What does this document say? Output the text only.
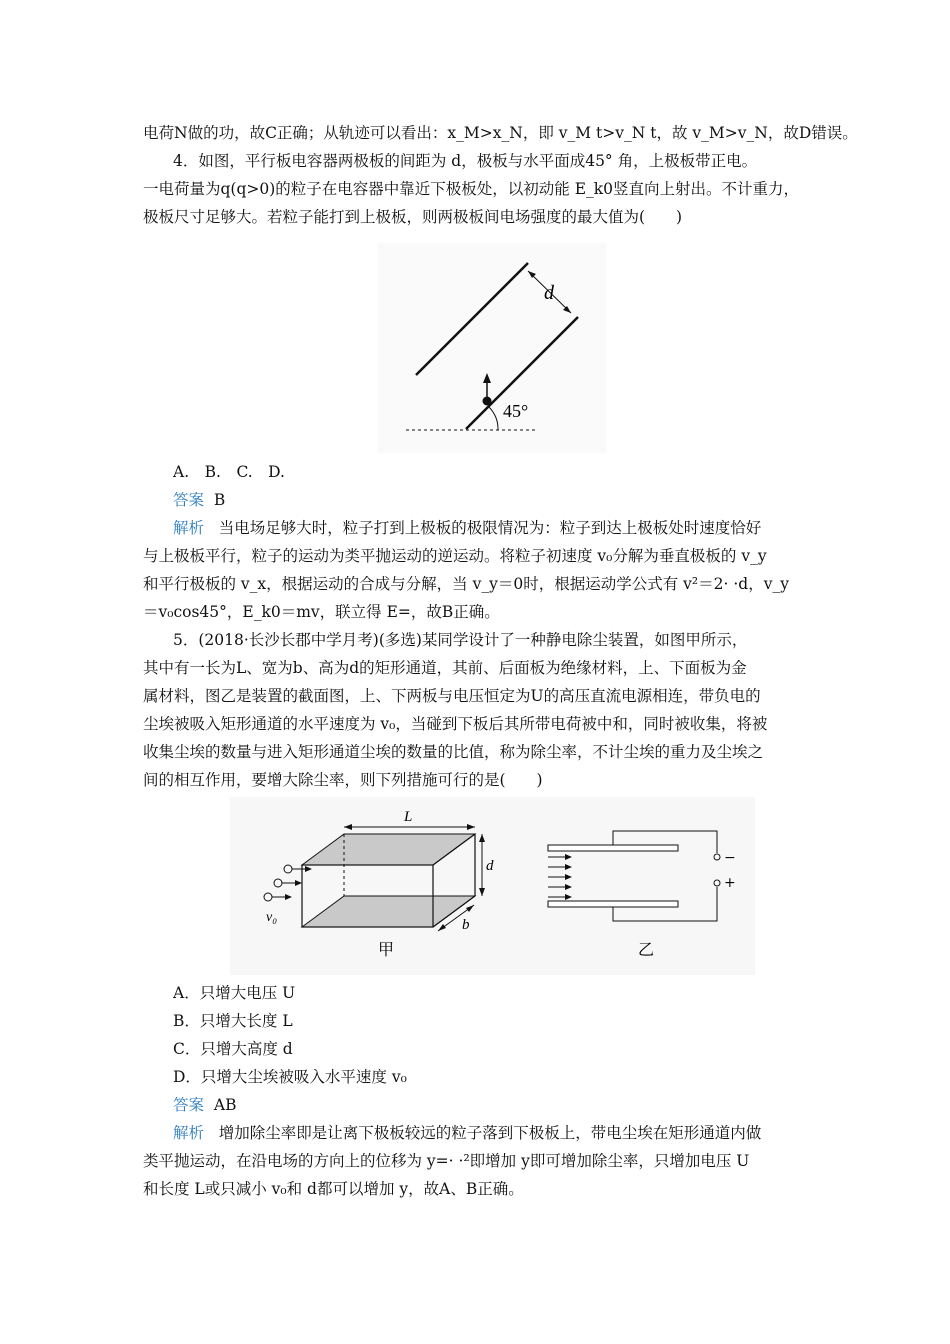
电荷N做的功，故C正确；从轨迹可以看出：x_M>x_N，即 v_M t>v_N t，故 v_M>v_N，故D错误。
4．如图，平行板电容器两极板的间距为 d，极板与水平面成45° 角，上极板带正电。
一电荷量为q(q>0)的粒子在电容器中靠近下极板处，以初动能 E_k0竖直向上射出。不计重力，
极板尺寸足够大。若粒子能打到上极板，则两极板间电场强度的最大值为(　　)
d
45°
A.　B.　C.　D.
答案 B
解析 当电场足够大时，粒子打到上极板的极限情况为：粒子到达上极板处时速度恰好
与上极板平行，粒子的运动为类平抛运动的逆运动。将粒子初速度 v₀分解为垂直极板的 v_y
和平行极板的 v_x，根据运动的合成与分解，当 v_y＝0时，根据运动学公式有 v²＝2· ·d，v_y
＝v₀cos45°，E_k0＝mv，联立得 E=，故B正确。
5．(2018·长沙长郡中学月考)(多选)某同学设计了一种静电除尘装置，如图甲所示，
其中有一长为L、宽为b、高为d的矩形通道，其前、后面板为绝缘材料，上、下面板为金
属材料，图乙是装置的截面图，上、下两板与电压恒定为U的高压直流电源相连，带负电的
尘埃被吸入矩形通道的水平速度为 v₀，当碰到下板后其所带电荷被中和，同时被收集，将被
收集尘埃的数量与进入矩形通道尘埃的数量的比值，称为除尘率，不计尘埃的重力及尘埃之
间的相互作用，要增大除尘率，则下列措施可行的是(　　)
L
d
b
v₀
甲
−
+
乙
A．只增大电压 U
B．只增大长度 L
C．只增大高度 d
D．只增大尘埃被吸入水平速度 v₀
答案 AB
解析 增加除尘率即是让离下极板较远的粒子落到下极板上，带电尘埃在矩形通道内做
类平抛运动，在沿电场的方向上的位移为 y=· ·²即增加 y即可增加除尘率，只增加电压 U
和长度 L或只减小 v₀和 d都可以增加 y，故A、B正确。
